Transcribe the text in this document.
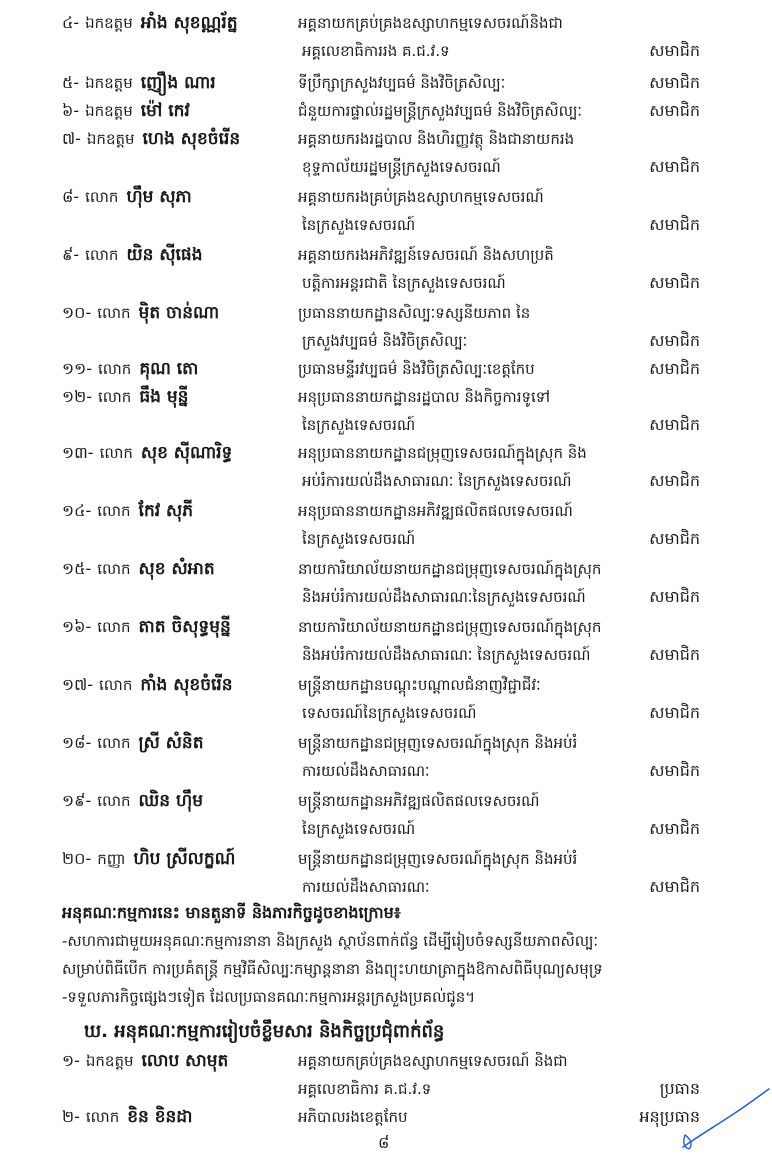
៤- ឯកឧត្តម អាំង សុខណ្ណរ័ត្ន	អគ្គនាយកគ្រប់គ្រងឧស្សាហកម្មទេសចរណ៍និងជា
អគ្គលេខាធិការរង គ.ជ.វ.ទ	សមាជិក
៥- ឯកឧត្តម ញឿង ណារ	ទីប្រឹក្សាក្រសួងវប្បធម៌ និងវិចិត្រសិល្បៈ	សមាជិក
៦- ឯកឧត្តម ម៉ៅ កេវ	ជំនួយការផ្ទាល់រដ្ឋមន្ត្រីក្រសួងវប្បធម៌ និងវិចិត្រសិល្បៈ	សមាជិក
៧- ឯកឧត្តម ហេង សុខចំរើន	អគ្គនាយករងរដ្ឋបាល និងហិរញ្ញវត្ថុ និងជានាយករង
ខុទ្ទកាល័យរដ្ឋមន្ត្រីក្រសួងទេសចរណ៍	សមាជិក
៨- លោក ហ៊ឹម សុភា	អគ្គនាយករងគ្រប់គ្រងឧស្សាហកម្មទេសចរណ៍
នៃក្រសួងទេសចរណ៍	សមាជិក
៩- លោក យិន ស៊ីផេង	អគ្គនាយករងអភិវឌ្ឍន៍ទេសចរណ៍ និងសហប្រតិ
បត្តិការអន្តរជាតិ នៃក្រសួងទេសចរណ៍	សមាជិក
១០- លោក ម៉ិត ចាន់ណា	ប្រធាននាយកដ្ឋានសិល្បៈទស្សនីយភាព នៃ
ក្រសួងវប្បធម៌ និងវិចិត្រសិល្បៈ	សមាជិក
១១- លោក គុណ តោ	ប្រធានមន្ទីរវប្បធម៌ និងវិចិត្រសិល្បៈខេត្តកែប	សមាជិក
១២- លោក ធឹង មុន្នី	អនុប្រធាននាយកដ្ឋានរដ្ឋបាល និងកិច្ចការទូទៅ
នៃក្រសួងទេសចរណ៍	សមាជិក
១៣- លោក សុខ ស៊ីណារិទ្ធ	អនុប្រធាននាយកដ្ឋានជម្រុញទេសចរណ៍ក្នុងស្រុក និង
អប់រំការយល់ដឹងសាធារណៈ នៃក្រសួងទេសចរណ៍	សមាជិក
១៤- លោក កែវ សុភី	អនុប្រធាននាយកដ្ឋានអភិវឌ្ឍផលិតផលទេសចរណ៍
នៃក្រសួងទេសចរណ៍	សមាជិក
១៥- លោក សុខ សំអាត	នាយការិយាល័យនាយកដ្ឋានជម្រុញទេសចរណ៍ក្នុងស្រុក
និងអប់រំការយល់ដឹងសាធារណៈនៃក្រសួងទេសចរណ៍	សមាជិក
១៦- លោក តាត ចិសុទ្ធមុន្នី	នាយការិយាល័យនាយកដ្ឋានជម្រុញទេសចរណ៍ក្នុងស្រុក
និងអប់រំការយល់ដឹងសាធារណៈ នៃក្រសួងទេសចរណ៍	សមាជិក
១៧- លោក កាំង សុខចំរើន	មន្ត្រីនាយកដ្ឋានបណ្តុះបណ្តាលជំនាញវិជ្ជាជីវៈ
ទេសចរណ៍នៃក្រសួងទេសចរណ៍	សមាជិក
១៨- លោក ស្រី សំនិត	មន្ត្រីនាយកដ្ឋានជម្រុញទេសចរណ៍ក្នុងស្រុក និងអប់រំ
ការយល់ដឹងសាធារណៈ	សមាជិក
១៩- លោក ឈិន ហ៊ឹម	មន្ត្រីនាយកដ្ឋានអភិវឌ្ឍផលិតផលទេសចរណ៍
នៃក្រសួងទេសចរណ៍	សមាជិក
២០- កញ្ញា ហិប ស្រីលក្ខណ៍	មន្ត្រីនាយកដ្ឋានជម្រុញទេសចរណ៍ក្នុងស្រុក និងអប់រំ
ការយល់ដឹងសាធារណៈ	សមាជិក
អនុគណៈកម្មការនេះ មានតួនាទី និងភារកិច្ចដូចខាងក្រោម៖
-សហការជាមួយអនុគណៈកម្មការនានា និងក្រសួង ស្ថាប័នពាក់ព័ន្ធ ដើម្បីរៀបចំទស្សនីយភាពសិល្បៈ
សម្រាប់ពិធីបើក ការប្រគំតន្ត្រី កម្មវិធីសិល្បៈកម្សាន្តនានា និងព្យុះហយាត្រាក្នុងឱកាសពិធីបុណ្យសមុទ្រ
-ទទួលភារកិច្ចផ្សេងៗទៀត ដែលប្រធានគណៈកម្មការអន្តរក្រសួងប្រគល់ជូន។
ឃ. អនុគណៈកម្មការរៀបចំខ្លឹមសារ និងកិច្ចប្រជុំពាក់ព័ន្ធ
១- ឯកឧត្តម លោប សាមុត	អគ្គនាយកគ្រប់គ្រងឧស្សាហកម្មទេសចរណ៍ និងជា
អគ្គលេខាធិការ គ.ជ.វ.ទ	ប្រធាន
២- លោក ខិន ខិនដា	អភិបាលរងខេត្តកែប	អនុប្រធាន
៨
